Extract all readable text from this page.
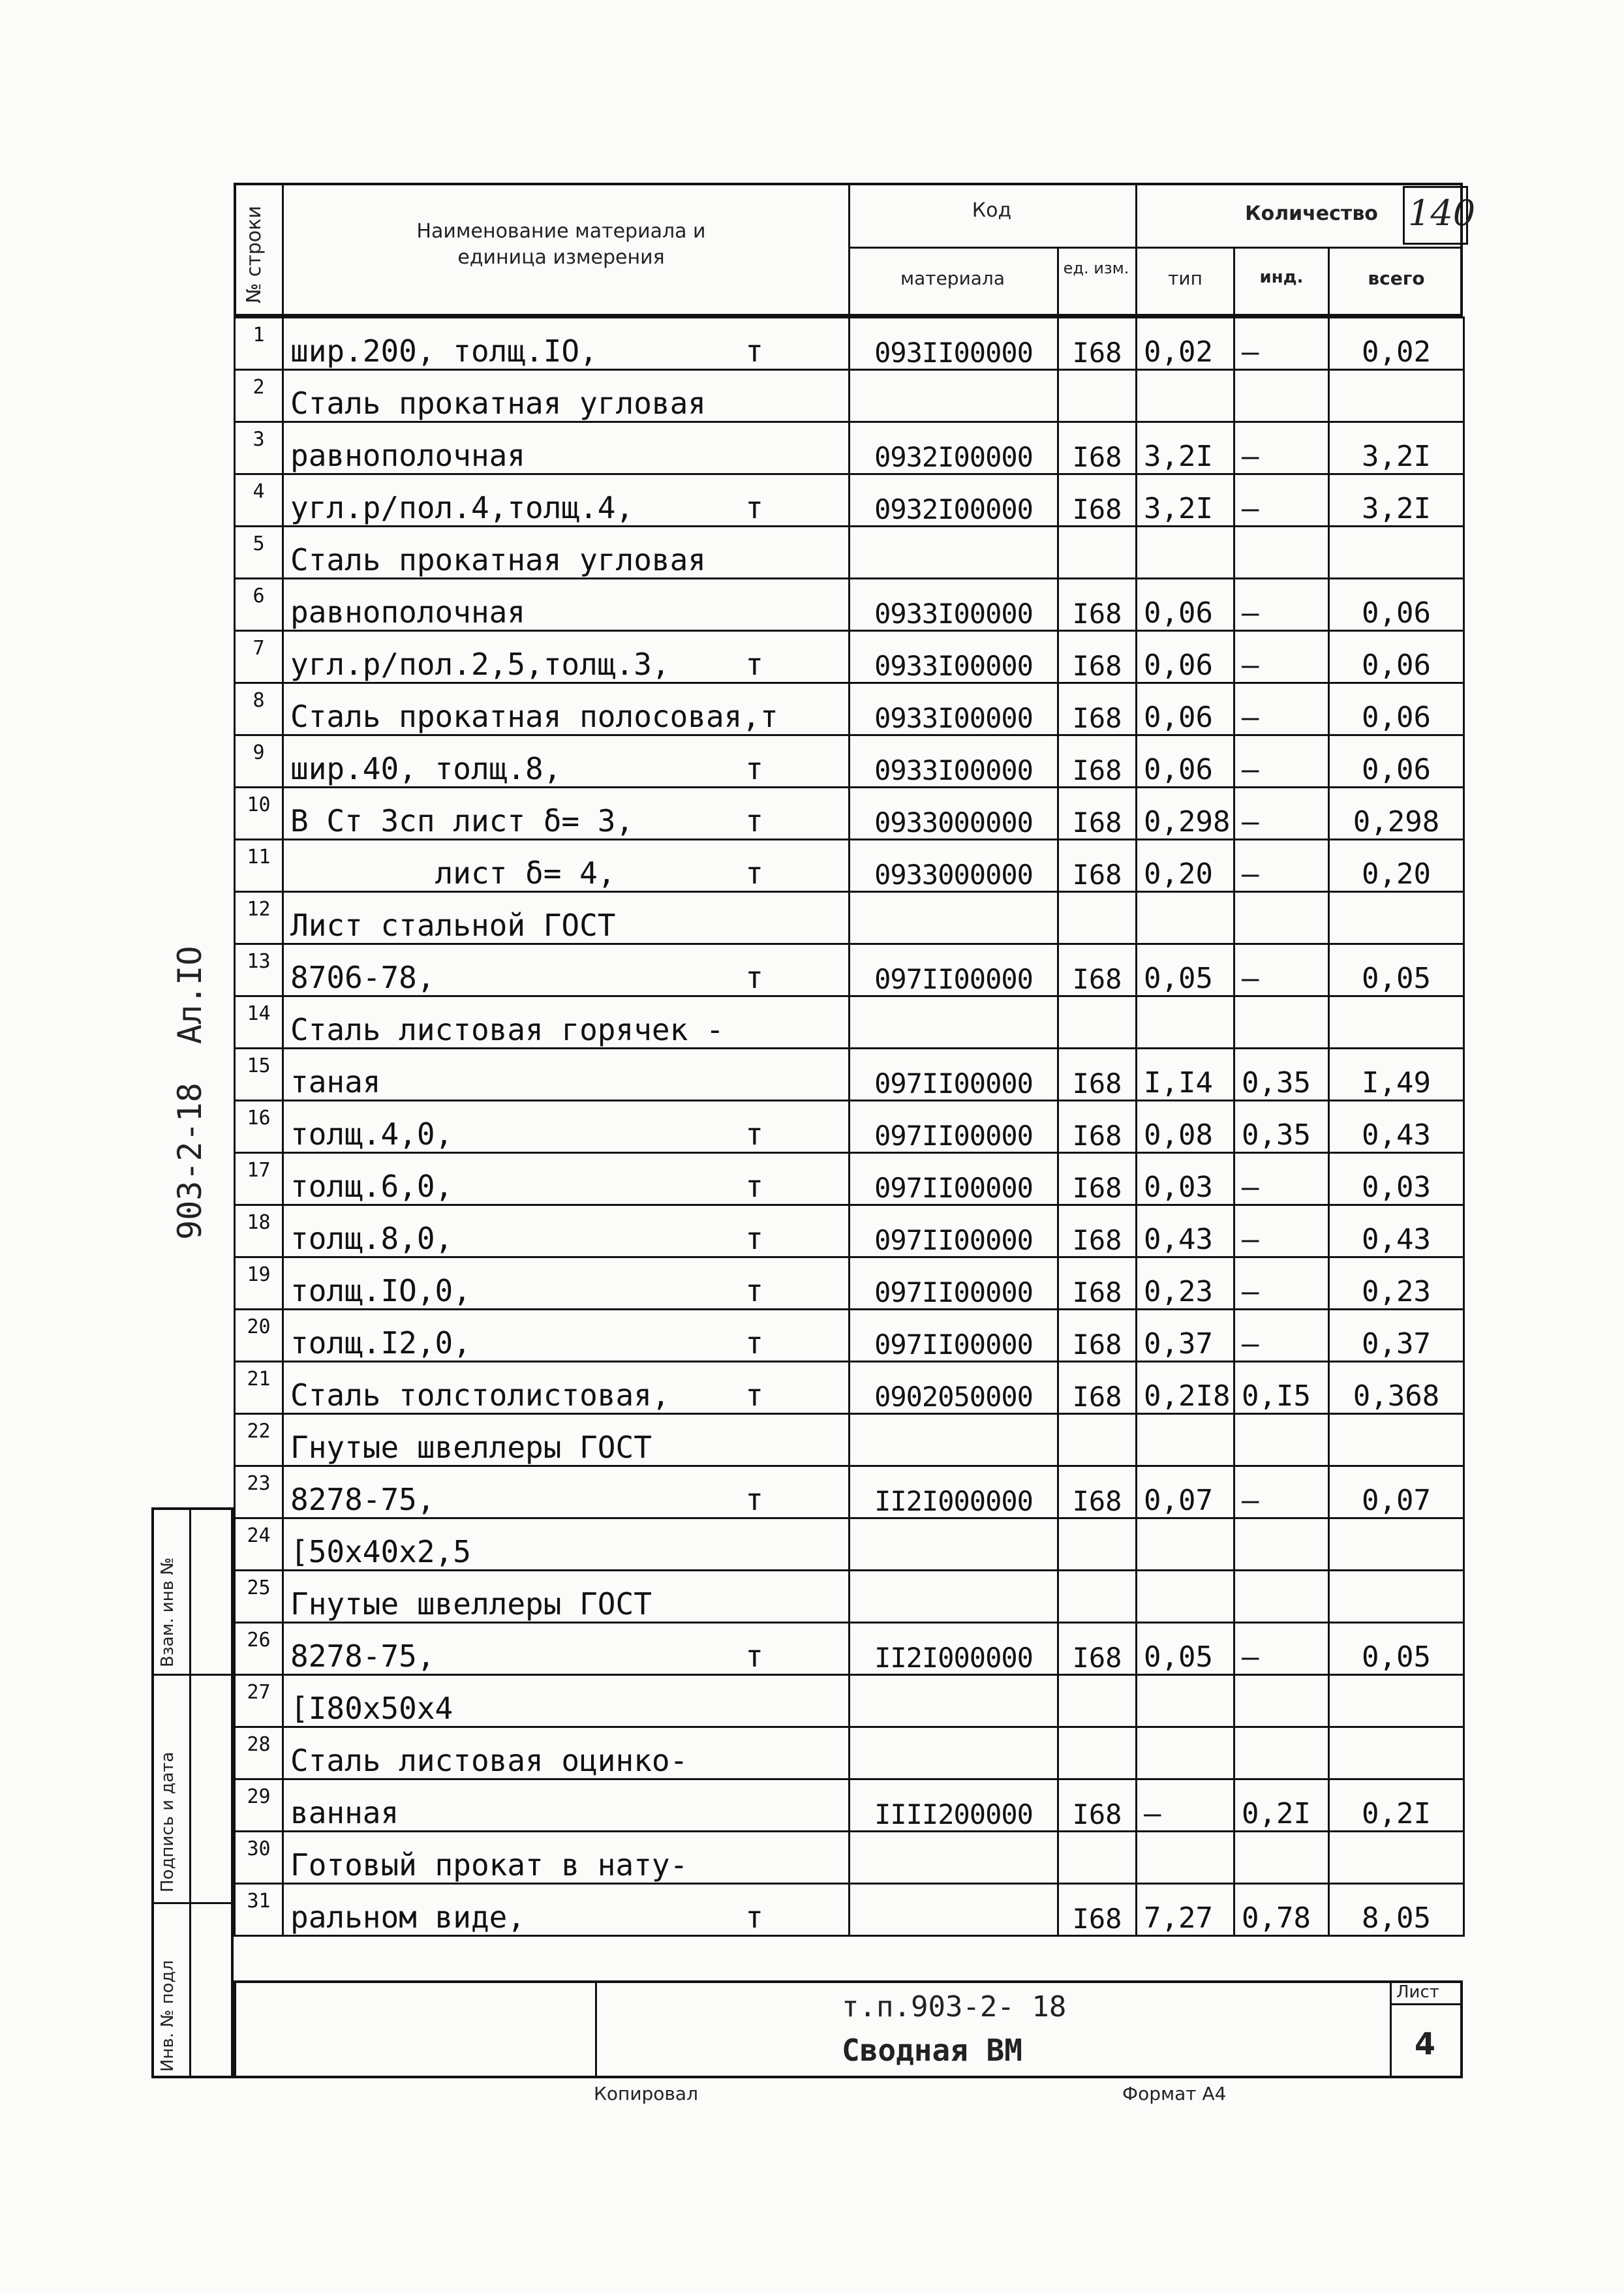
140
№ строки	Наименование материала и единица измерения
Код
материала	ед. изм.
Количество
тип	инд.	всего
1	шир.200, толщ.IO, т	093II00000	I68	0,02	–	0,02
2	Сталь прокатная угловая

3	равнополочная	0932I00000	I68	3,2I	–	3,2I
4	угл.р/пол.4,толщ.4, т	0932I00000	I68	3,2I	–	3,2I
5	Сталь прокатная угловая

6	равнополочная	0933I00000	I68	0,06	–	0,06
7	угл.р/пол.2,5,толщ.3, т	0933I00000	I68	0,06	–	0,06
8	Сталь прокатная полосовая,т	0933I00000	I68	0,06	–	0,06
9	шир.40, толщ.8, т	0933I00000	I68	0,06	–	0,06
10	В Ст 3сп лист δ= 3, т	0933000000	I68	0,298	–	0,298
11	лист δ= 4, т	0933000000	I68	0,20	–	0,20
12	Лист стальной ГОСТ

13	8706-78, т	097II00000	I68	0,05	–	0,05
14	Сталь листовая горячек -

15	таная	097II00000	I68	I,I4	0,35	I,49
16	толщ.4,0, т	097II00000	I68	0,08	0,35	0,43
17	толщ.6,0, т	097II00000	I68	0,03	–	0,03
18	толщ.8,0, т	097II00000	I68	0,43	–	0,43
19	толщ.IO,0, т	097II00000	I68	0,23	–	0,23
20	толщ.I2,0, т	097II00000	I68	0,37	–	0,37
21	Сталь толстолистовая, т	0902050000	I68	0,2I8	0,I5	0,368
22	Гнутые швеллеры ГОСТ

23	8278-75, т	II2I000000	I68	0,07	–	0,07
24	[50x40x2,5

25	Гнутые швеллеры ГОСТ

26	8278-75, т	II2I000000	I68	0,05	–	0,05
27	[I80x50x4

28	Сталь листовая оцинко-

29	ванная	IIII200000	I68	–	0,2I	0,2I
30	Готовый прокат в нату-

31	ральном виде, т		I68	7,27	0,78	8,05
т.п.903-2- 18
Сводная ВМ
Лист
4
Копировал	Формат А4
903-2-18
Ал.IO
Взам. инв №
Подпись и дата
Инв. № подл
